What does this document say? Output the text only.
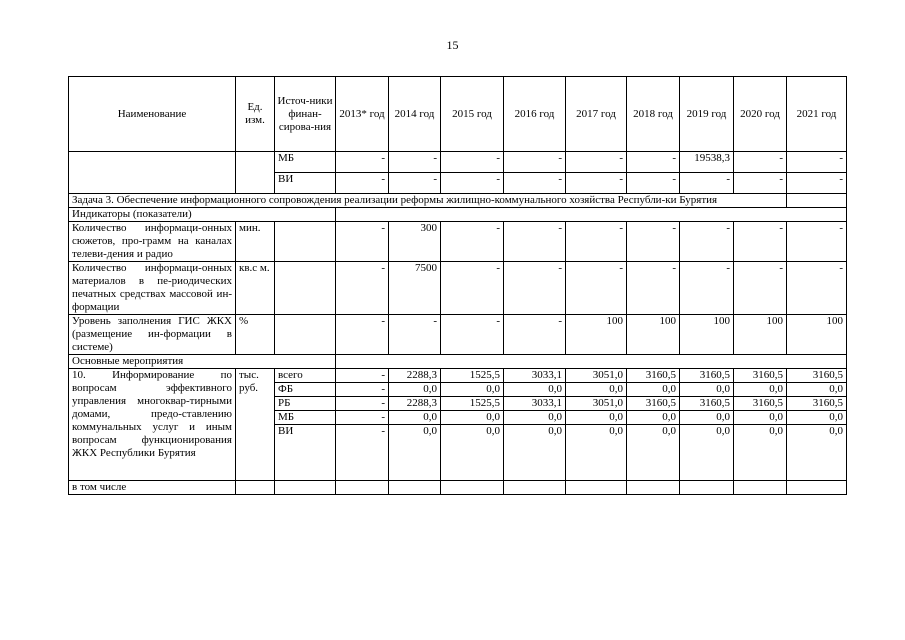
15
Наименование	Ед. изм.	Источ-ники финан-сирова-ния	2013* год	2014 год	2015 год	2016 год	2017 год	2018 год	2019 год	2020 год	2021 год
		МБ	-	-	-	-	-	-	19538,3	-	-
		ВИ	-	-	-	-	-	-	-	-	-
Задача 3. Обеспечение информационного сопровождения реализации реформы жилищно-коммунального хозяйства Республи-ки Бурятия											
Индикаторы (показатели)											
Количество информаци-онных сюжетов, про-грамм на каналах телеви-дения и радио	мин.		-	300	-	-	-	-	-	-	-
Количество информаци-онных материалов в пе-риодических печатных средствах массовой ин-формации	кв.с м.		-	7500	-	-	-	-	-	-	-
Уровень заполнения ГИС ЖКХ (размещение ин-формации в системе)	%		-	-	-	-	100	100	100	100	100
Основные мероприятия											
10. Информирование по вопросам эффективного управления многоквар-тирными домами, предо-ставлению коммунальных услуг и иным вопросам функционирования ЖКХ Республики Бурятия	тыс. руб.	всего	-	2288,3	1525,5	3033,1	3051,0	3160,5	3160,5	3160,5	3160,5
		ФБ	-	0,0	0,0	0,0	0,0	0,0	0,0	0,0	0,0
		РБ	-	2288,3	1525,5	3033,1	3051,0	3160,5	3160,5	3160,5	3160,5
		МБ	-	0,0	0,0	0,0	0,0	0,0	0,0	0,0	0,0
		ВИ	-	0,0	0,0	0,0	0,0	0,0	0,0	0,0	0,0
в том числе											
